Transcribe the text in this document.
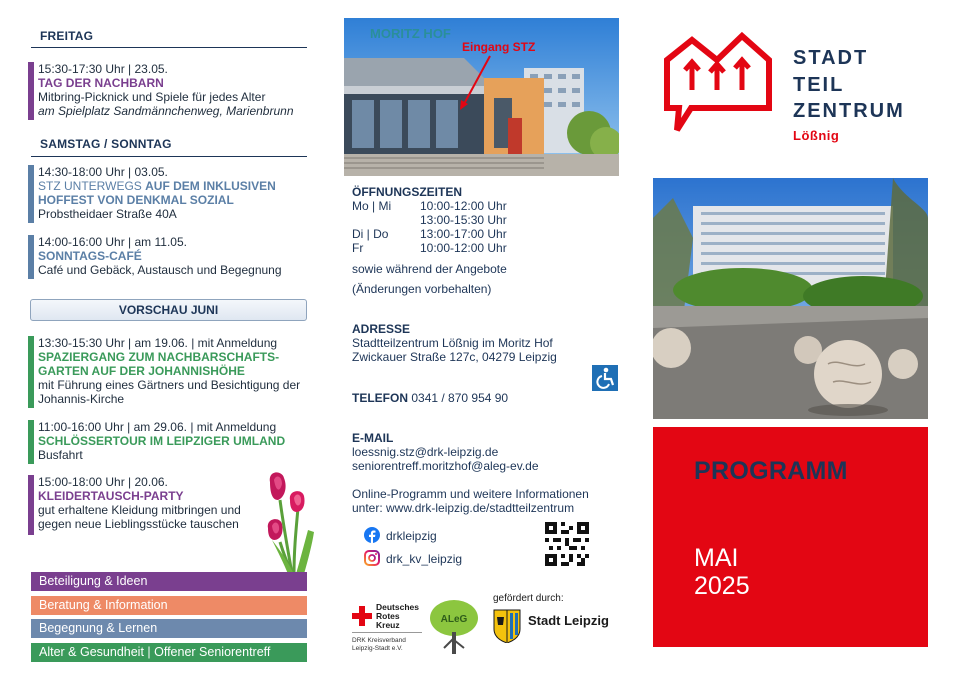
FREITAG
15:30-17:30 Uhr | 23.05.
TAG DER NACHBARN
Mitbring-Picknick und Spiele für jedes Alter
am Spielplatz Sandmännchenweg, Marienbrunn
SAMSTAG / SONNTAG
14:30-18:00 Uhr | 03.05.
STZ UNTERWEGS AUF DEM INKLUSIVEN
HOFFEST VON DENKMAL SOZIAL
Probstheidaer Straße 40A
14:00-16:00 Uhr | am 11.05.
SONNTAGS-CAFÉ
Café und Gebäck, Austausch und Begegnung
VORSCHAU JUNI
13:30-15:30 Uhr | am 19.06. | mit Anmeldung
SPAZIERGANG ZUM NACHBARSCHAFTS-
GARTEN AUF DER JOHANNISHÖHE
mit Führung eines Gärtners und Besichtigung der
Johannis-Kirche
11:00-16:00 Uhr | am 29.06. | mit Anmeldung
SCHLÖSSERTOUR IM LEIPZIGER UMLAND
Busfahrt
15:00-18:00 Uhr | 20.06.
KLEIDERTAUSCH-PARTY
gut erhaltene Kleidung mitbringen und
gegen neue Lieblingsstücke tauschen
Beteiligung & Ideen
Beratung & Information
Begegnung & Lernen
Alter & Gesundheit | Offener Seniorentreff
MORITZ HOF
Eingang STZ
ÖFFNUNGSZEITEN
Mo | Mi 10:00-12:00 Uhr
13:00-15:30 Uhr
Di | Do	13:00-17:00 Uhr
Fr	10:00-12:00 Uhr
sowie während der Angebote
(Änderungen vorbehalten)
ADRESSE
Stadtteilzentrum Lößnig im Moritz Hof
Zwickauer Straße 127c, 04279 Leipzig
TELEFON 0341 / 870 954 90
E-MAIL
loessnig.stz@drk-leipzig.de
seniorentreff.moritzhof@aleg-ev.de
Online-Programm und weitere Informationen
unter: www.drk-leipzig.de/stadtteilzentrum
drkleipzig
drk_kv_leipzig
Deutsches
Rotes
Kreuz
DRK Kreisverband
Leipzig-Stadt e.V.
ALeG
gefördert durch:
Stadt Leipzig
STADT
TEIL
ZENTRUM
Lößnig
PROGRAMM
MAI
2025
